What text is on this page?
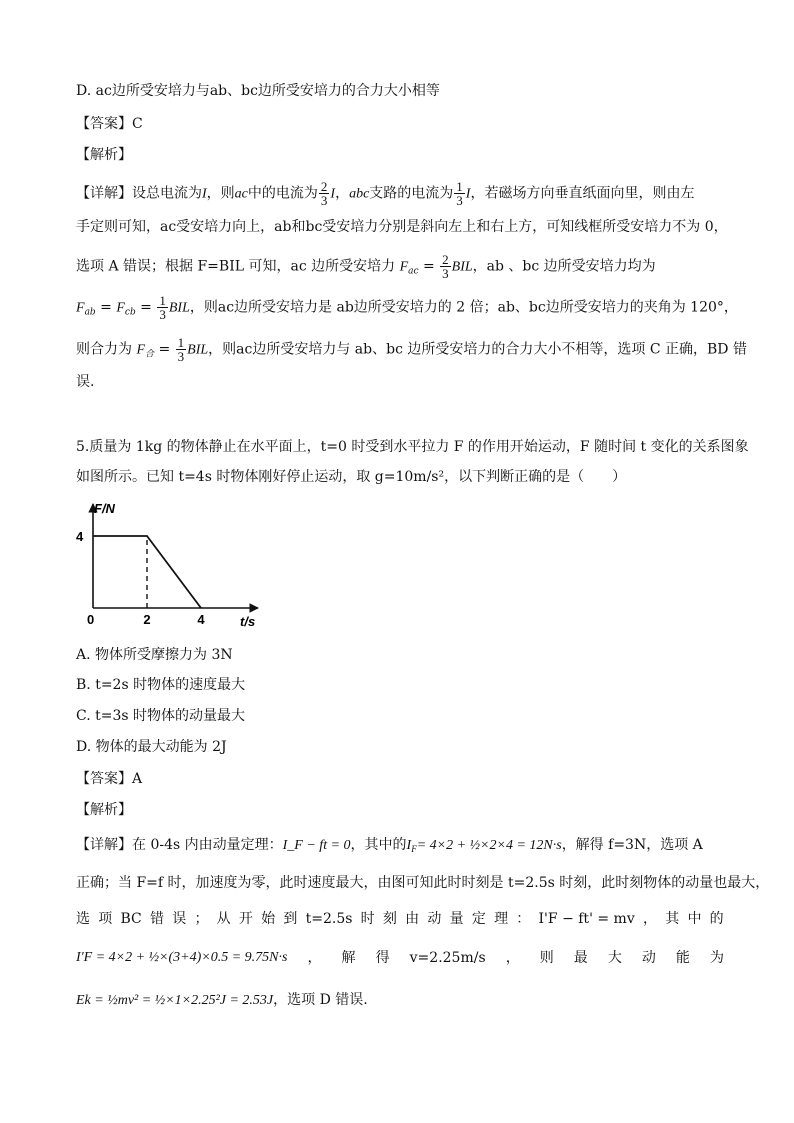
D. ac边所受安培力与ab、bc边所受安培力的合力大小相等
【答案】C
【解析】
【详解】设总电流为I，则ac中的电流为 $\frac{2}{3}$ I，abc支路的电流为 $\frac{1}{3}$ I，若磁场方向垂直纸面向里，则由左
手定则可知，ac受安培力向上，ab和bc受安培力分别是斜向左上和右上方，可知线框所受安培力不为 0，
选项 A 错误；根据 F=BIL 可知，ac 边所受安培力 $F_{ac} = \frac{2}{3}$ BIL，ab 、bc 边所受安培力均为
$F_{ab} = F_{cb} = \frac{1}{3}$ BIL，则ac边所受安培力是 ab边所受安培力的 2 倍；ab、bc边所受安培力的夹角为 120°，
则合力为 $F_合 = \frac{1}{3}$ BIL，则ac边所受安培力与 ab、bc 边所受安培力的合力大小不相等，选项 C 正确，BD 错
误.
5.质量为 1kg 的物体静止在水平面上，t=0 时受到水平拉力 F 的作用开始运动，F 随时间 t 变化的关系图象
如图所示。已知 t=4s 时物体刚好停止运动，取 g=10m/s²，以下判断正确的是（　　）
F/N
t/s
0	2	4
4
A. 物体所受摩擦力为 3N
B. t=2s 时物体的速度最大
C. t=3s 时物体的动量最大
D. 物体的最大动能为 2J
【答案】A
【解析】
【详解】在 0-4s 内由动量定理：I_F − ft = 0，其中的$I_F= 4\times 2$ + ½×2×4 = 12N·s，解得 f=3N，选项 A
正确；当 F=f 时，加速度为零，此时速度最大，由图可知此时时刻是 t=2.5s 时刻，此时刻物体的动量也最大，
选 项 BC 错 误 ； 从 开 始 到 t=2.5s 时 刻 由 动 量 定 理 ： I'F − ft' = mv ， 其 中 的
I'F = 4×2 + ½×(3+4)×0.5 = 9.75N·s ， 解 得 v=2.25m/s ， 则 最 大 动 能 为
Ek = ½mv² = ½×1×2.25²J = 2.53J，选项 D 错误.
